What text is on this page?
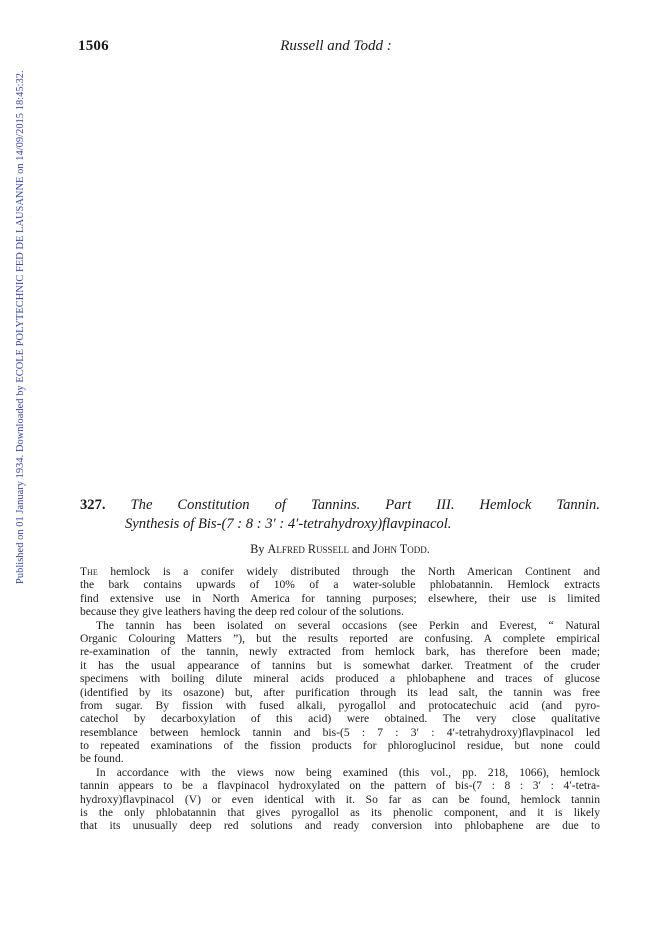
1506	Russell and Todd :
Published on 01 January 1934. Downloaded by ECOLE POLYTECHNIC FED DE LAUSANNE on 14/09/2015 18:45:32.	327. The Constitution of Tannins. Part III. Hemlock Tannin.
Synthesis of Bis-(7 : 8 : 3′ : 4′-tetrahydroxy)flavpinacol.
By Alfred Russell and John Todd.

The hemlock is a conifer widely distributed through the North American Continent and
the bark contains upwards of 10% of a water-soluble phlobatannin. Hemlock extracts
find extensive use in North America for tanning purposes; elsewhere, their use is limited
because they give leathers having the deep red colour of the solutions.

The tannin has been isolated on several occasions (see Perkin and Everest, “ Natural
Organic Colouring Matters ”), but the results reported are confusing. A complete empirical
re-examination of the tannin, newly extracted from hemlock bark, has therefore been made;
it has the usual appearance of tannins but is somewhat darker. Treatment of the cruder
specimens with boiling dilute mineral acids produced a phlobaphene and traces of glucose
(identified by its osazone) but, after purification through its lead salt, the tannin was free
from sugar. By fission with fused alkali, pyrogallol and protocatechuic acid (and pyro-
catechol by decarboxylation of this acid) were obtained. The very close qualitative
resemblance between hemlock tannin and bis-(5 : 7 : 3′ : 4′-tetrahydroxy)flavpinacol led
to repeated examinations of the fission products for phloroglucinol residue, but none could
be found.

In accordance with the views now being examined (this vol., pp. 218, 1066), hemlock
tannin appears to be a flavpinacol hydroxylated on the pattern of bis-(7 : 8 : 3′ : 4′-tetra-
hydroxy)flavpinacol (V) or even identical with it. So far as can be found, hemlock tannin
is the only phlobatannin that gives pyrogallol as its phenolic component, and it is likely
that its unusually deep red solutions and ready conversion into phlobaphene are due to
